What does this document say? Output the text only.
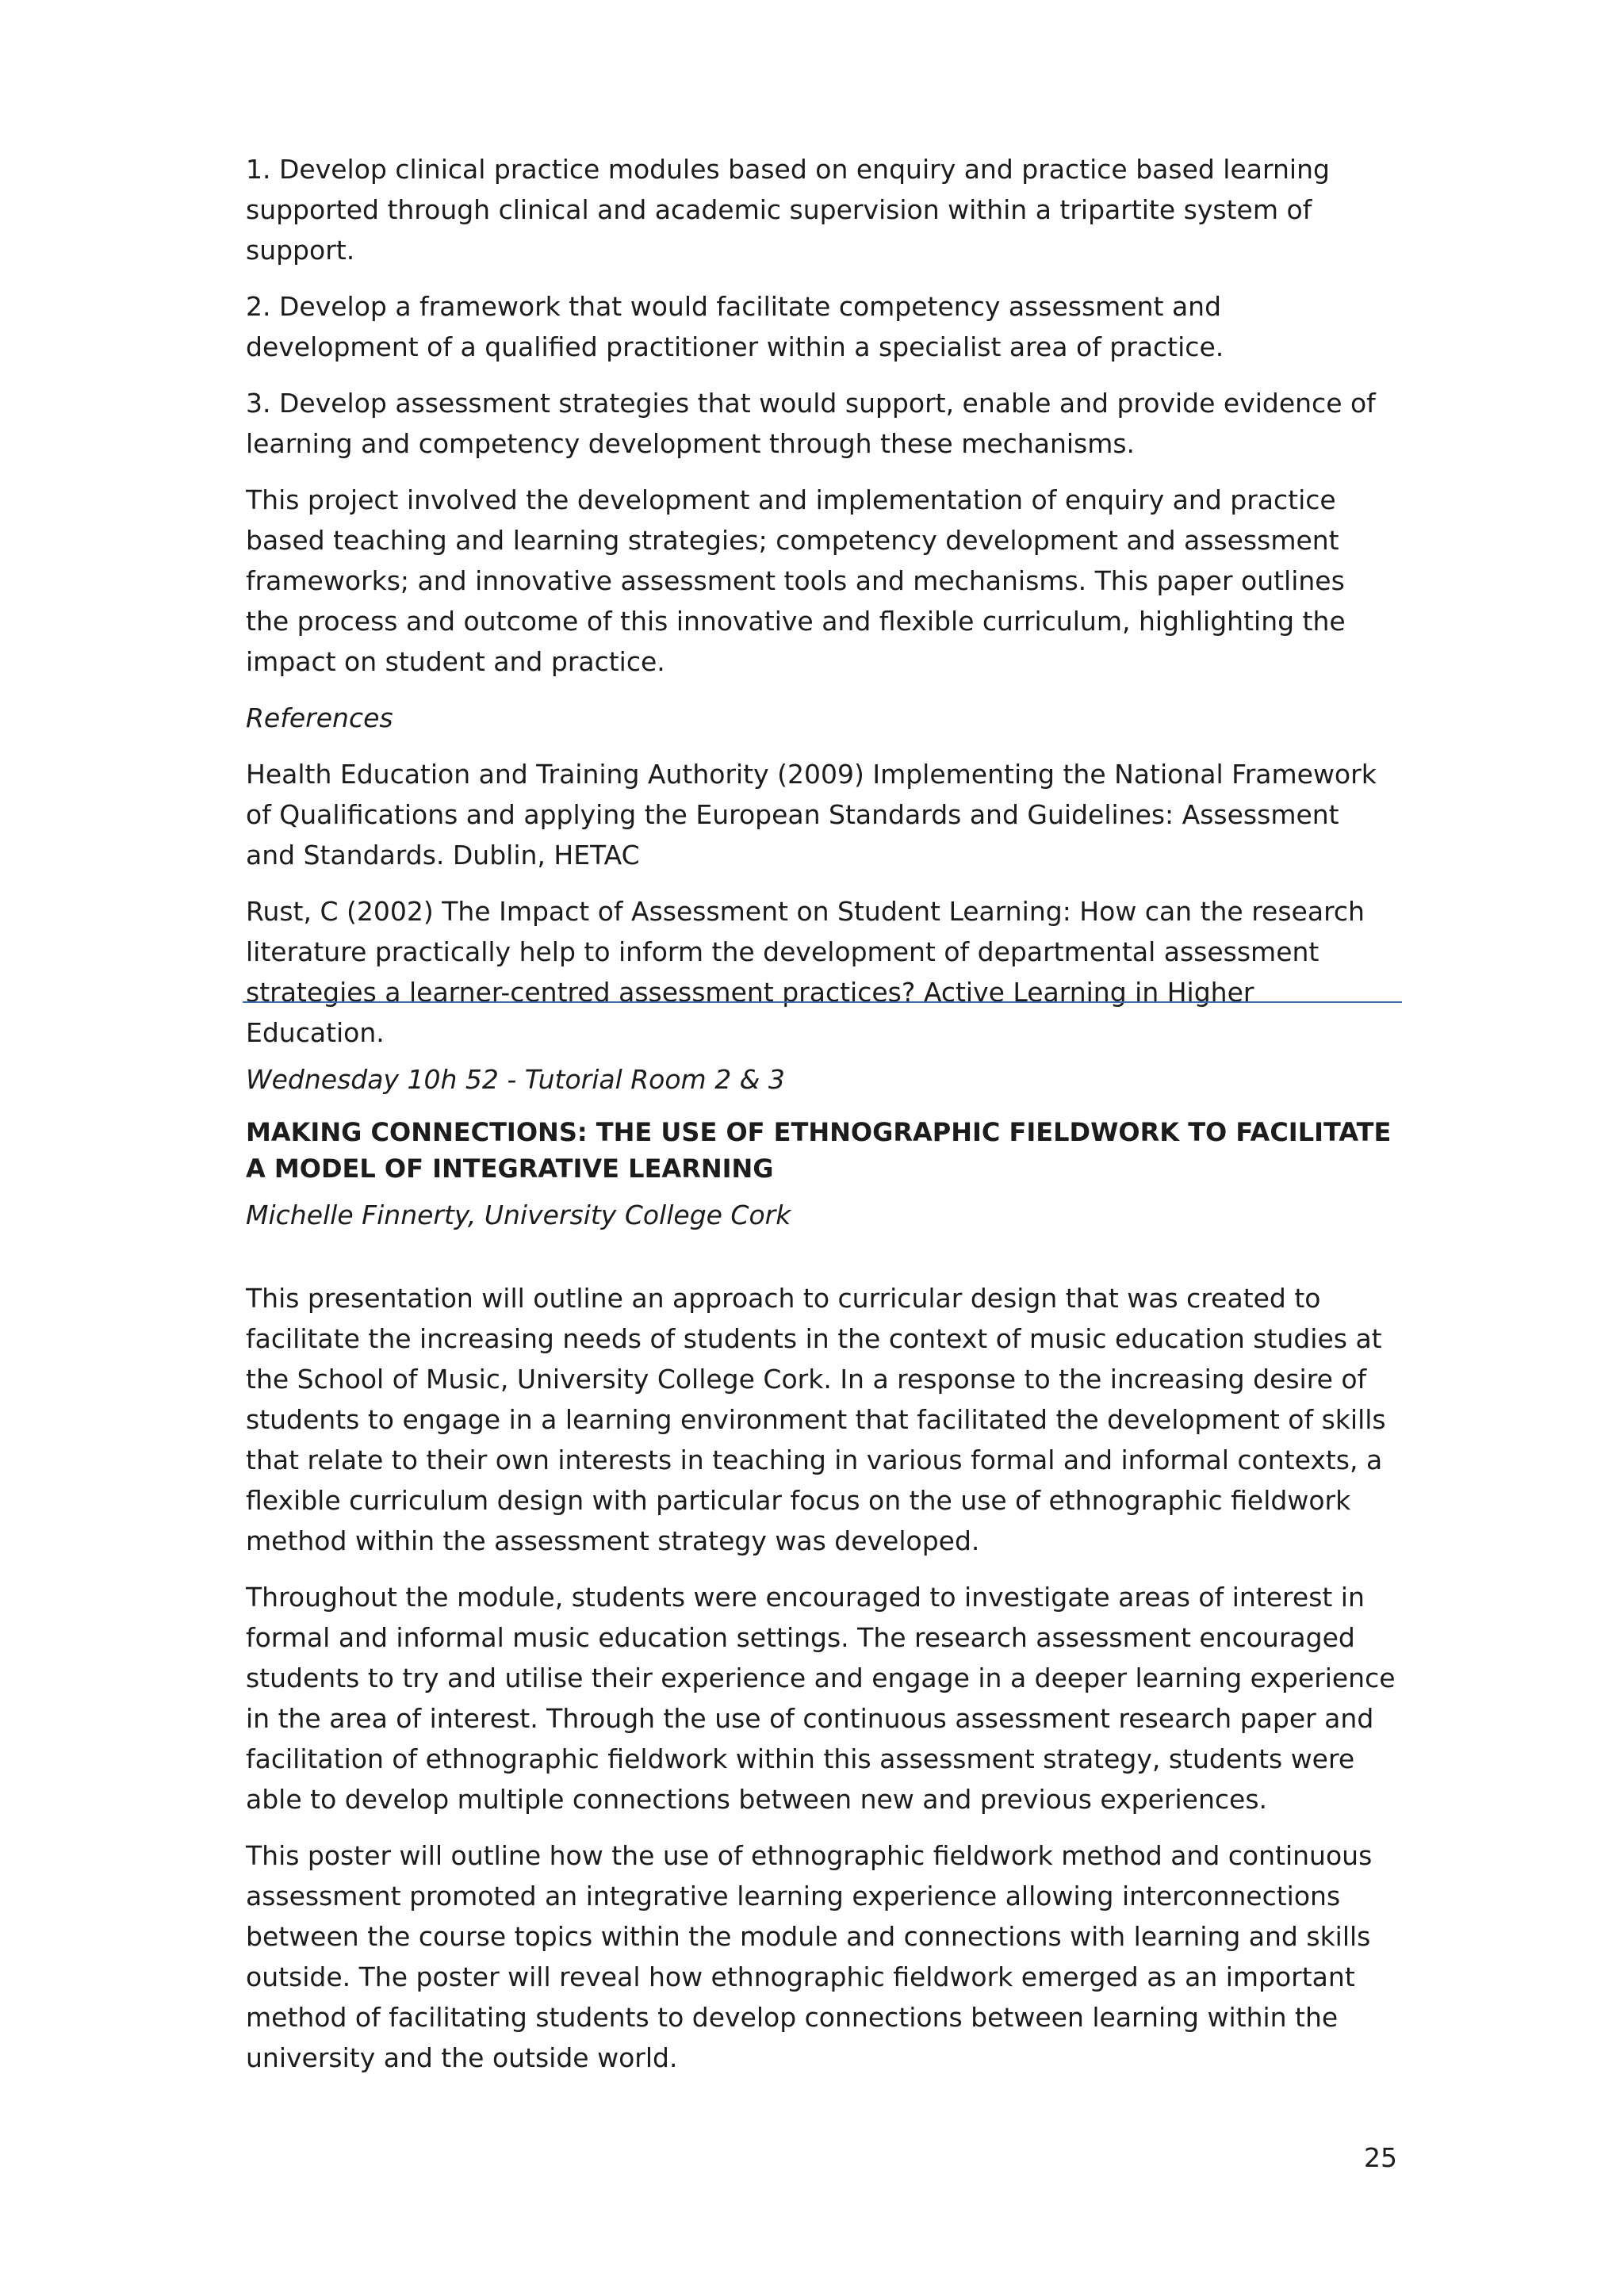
1. Develop clinical practice modules based on enquiry and practice based learning supported through clinical and academic supervision within a tripartite system of support.

2. Develop a framework that would facilitate competency assessment and development of a qualified practitioner within a specialist area of practice.

3. Develop assessment strategies that would support, enable and provide evidence of learning and competency development through these mechanisms.

This project involved the development and implementation of enquiry and practice based teaching and learning strategies; competency development and assessment frameworks; and innovative assessment tools and mechanisms. This paper outlines the process and outcome of this innovative and flexible curriculum, highlighting the impact on student and practice.

References

Health Education and Training Authority (2009) Implementing the National Framework of Qualifications and applying the European Standards and Guidelines: Assessment and Standards. Dublin, HETAC

Rust, C (2002) The Impact of Assessment on Student Learning: How can the research literature practically help to inform the development of departmental assessment strategies a learner-centred assessment practices? Active Learning in Higher Education.

Wednesday 10h 52 - Tutorial Room 2 & 3

MAKING CONNECTIONS: THE USE OF ETHNOGRAPHIC FIELDWORK TO FACILITATE A MODEL OF INTEGRATIVE LEARNING

Michelle Finnerty, University College Cork

This presentation will outline an approach to curricular design that was created to facilitate the increasing needs of students in the context of music education studies at the School of Music, University College Cork. In a response to the increasing desire of students to engage in a learning environment that facilitated the development of skills that relate to their own interests in teaching in various formal and informal contexts, a flexible curriculum design with particular focus on the use of ethnographic fieldwork method within the assessment strategy was developed.

Throughout the module, students were encouraged to investigate areas of interest in formal and informal music education settings. The research assessment encouraged students to try and utilise their experience and engage in a deeper learning experience in the area of interest. Through the use of continuous assessment research paper and facilitation of ethnographic fieldwork within this assessment strategy, students were able to develop multiple connections between new and previous experiences.

This poster will outline how the use of ethnographic fieldwork method and continuous assessment promoted an integrative learning experience allowing interconnections between the course topics within the module and connections with learning and skills outside. The poster will reveal how ethnographic fieldwork emerged as an important method of facilitating students to develop connections between learning within the university and the outside world.

25
